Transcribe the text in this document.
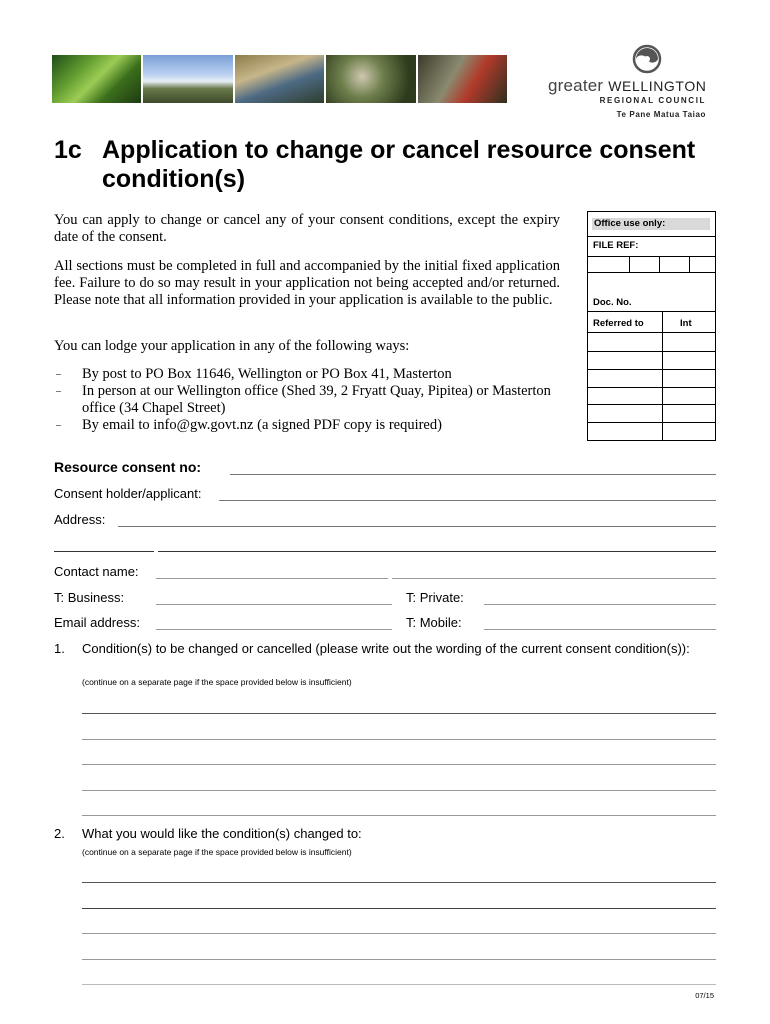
greater WELLINGTON
REGIONAL COUNCIL
Te Pane Matua Taiao
1c Application to change or cancel resource consent condition(s)
You can apply to change or cancel any of your consent conditions, except the expiry date of the consent.
All sections must be completed in full and accompanied by the initial fixed application fee. Failure to do so may result in your application not being accepted and/or returned. Please note that all information provided in your application is available to the public.
You can lodge your application in any of the following ways:
– By post to PO Box 11646, Wellington or PO Box 41, Masterton
– In person at our Wellington office (Shed 39, 2 Fryatt Quay, Pipitea) or Masterton office (34 Chapel Street)
– By email to info@gw.govt.nz (a signed PDF copy is required)
Office use only:
FILE REF:
Doc. No.
Referred to	Int
Resource consent no:
Consent holder/applicant:
Address:
Contact name:
T: Business:	T: Private:
Email address:	T: Mobile:
1. Condition(s) to be changed or cancelled (please write out the wording of the current consent condition(s)):
(continue on a separate page if the space provided below is insufficient)
2. What you would like the condition(s) changed to:
(continue on a separate page if the space provided below is insufficient)
07/15
